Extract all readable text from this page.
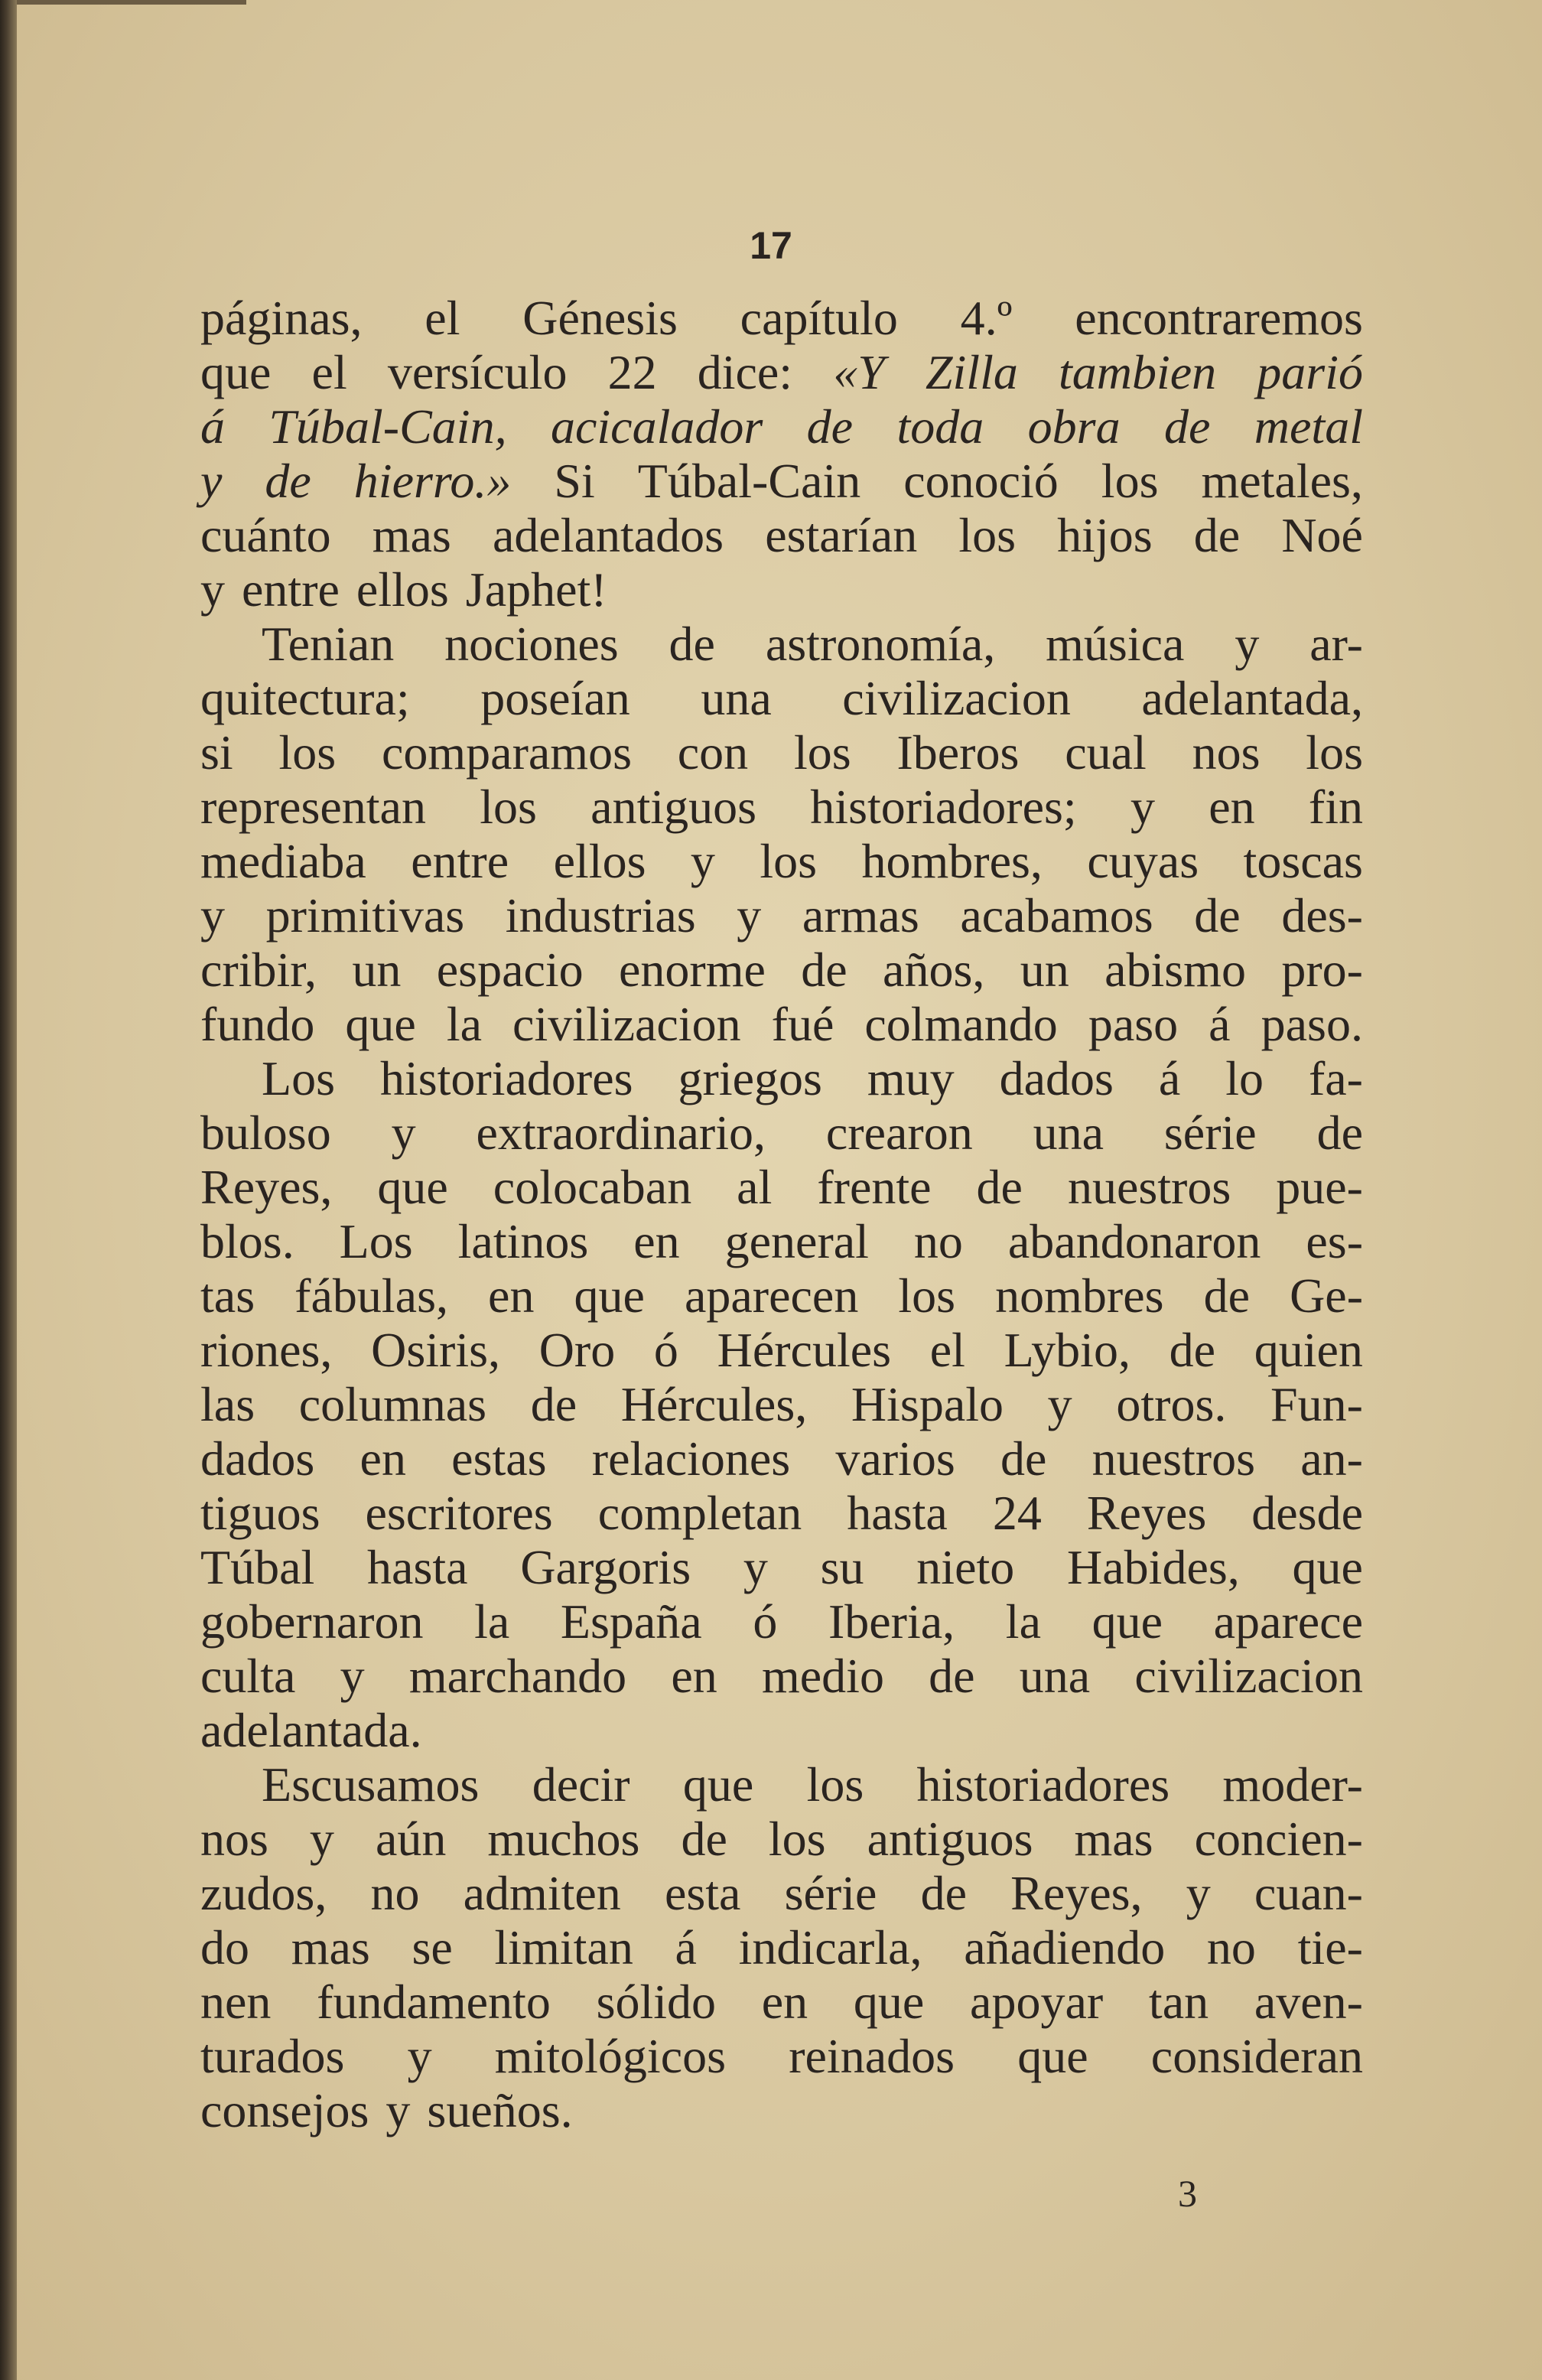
17
páginas, el Génesis capítulo 4.º encontraremos
que el versículo 22 dice: «Y Zilla tambien parió
á Túbal-Cain, acicalador de toda obra de metal
y de hierro.» Si Túbal-Cain conoció los metales,
cuánto mas adelantados estarían los hijos de Noé
y entre ellos Japhet!
Tenian nociones de astronomía, música y ar-
quitectura; poseían una civilizacion adelantada,
si los comparamos con los Iberos cual nos los
representan los antiguos historiadores; y en fin
mediaba entre ellos y los hombres, cuyas toscas
y primitivas industrias y armas acabamos de des-
cribir, un espacio enorme de años, un abismo pro-
fundo que la civilizacion fué colmando paso á paso.
Los historiadores griegos muy dados á lo fa-
buloso y extraordinario, crearon una série de
Reyes, que colocaban al frente de nuestros pue-
blos. Los latinos en general no abandonaron es-
tas fábulas, en que aparecen los nombres de Ge-
riones, Osiris, Oro ó Hércules el Lybio, de quien
las columnas de Hércules, Hispalo y otros. Fun-
dados en estas relaciones varios de nuestros an-
tiguos escritores completan hasta 24 Reyes desde
Túbal hasta Gargoris y su nieto Habides, que
gobernaron la España ó Iberia, la que aparece
culta y marchando en medio de una civilizacion
adelantada.
Escusamos decir que los historiadores moder-
nos y aún muchos de los antiguos mas concien-
zudos, no admiten esta série de Reyes, y cuan-
do mas se limitan á indicarla, añadiendo no tie-
nen fundamento sólido en que apoyar tan aven-
turados y mitológicos reinados que consideran
consejos y sueños.
3
